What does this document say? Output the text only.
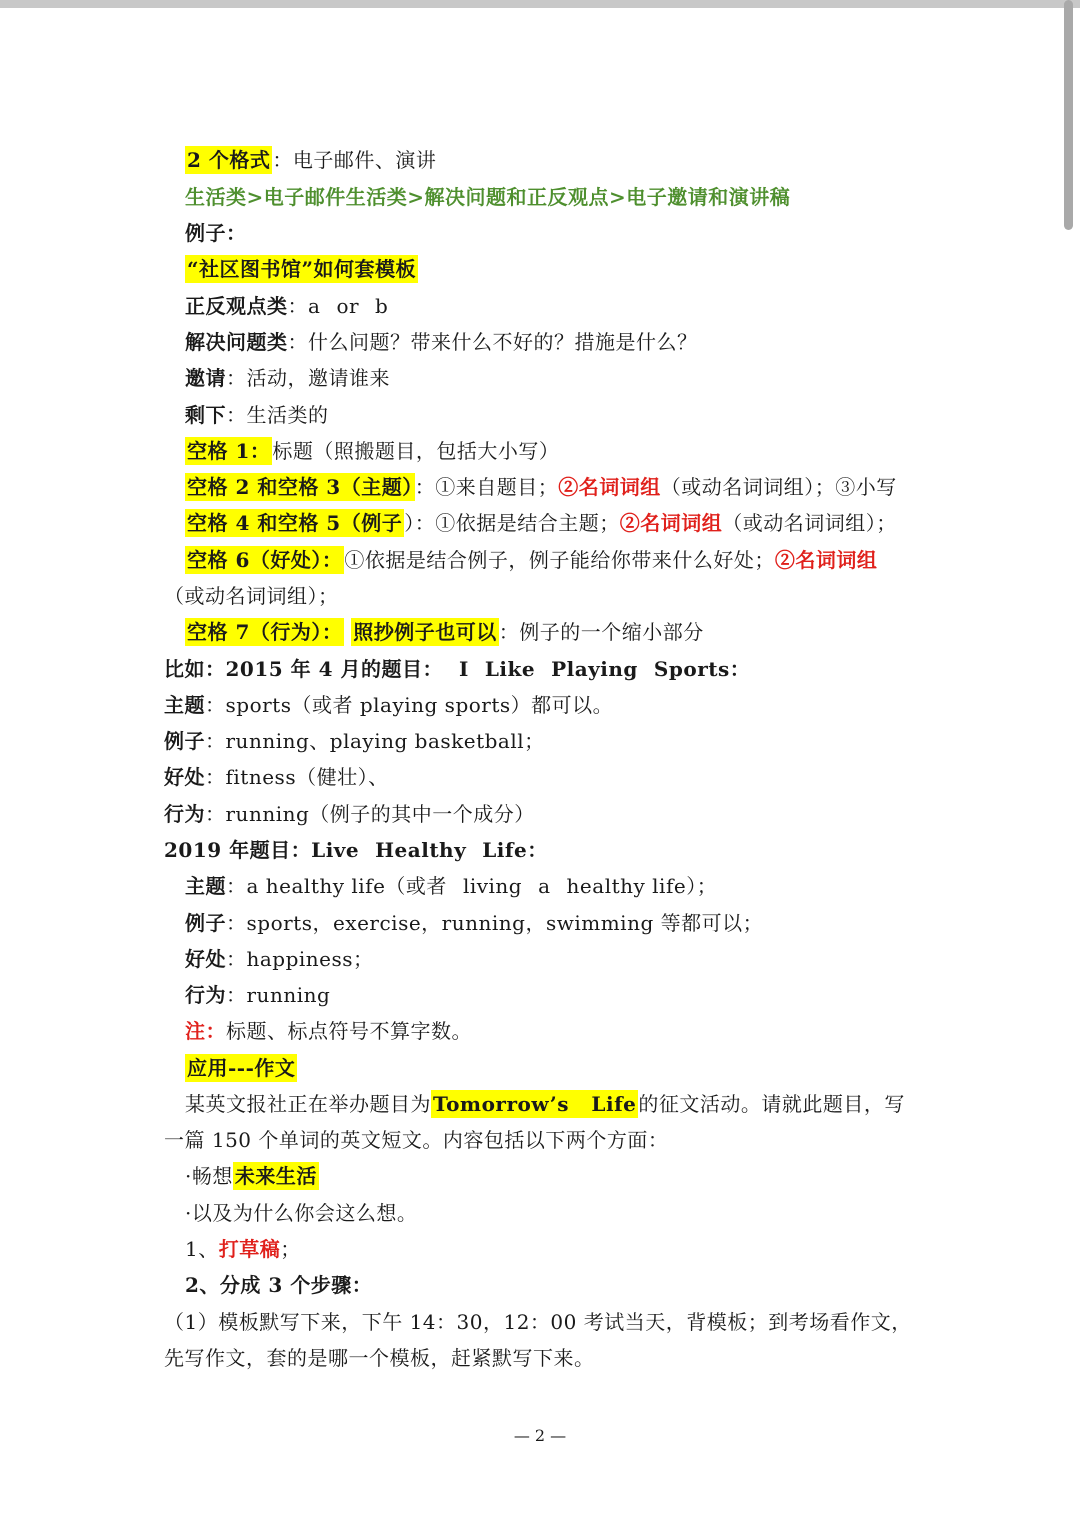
2 个格式 ：电子邮件、演讲
生活类>电子邮件生活类>解决问题和正反观点>电子邀请和演讲稿
例子：
“社区图书馆”如何套模板
正反观点类：a or b
解决问题类：什么问题？带来什么不好的？措施是什么？
邀请：活动，邀请谁来
剩下：生活类的
空格 1： 标题（照搬题目，包括大小写）
空格 2 和空格 3（主题） ：①来自题目；②名词词组（或动名词词组）；③小写
空格 4 和空格 5（例子 ）：①依据是结合主题；②名词词组（或动名词词组）；
空格 6（好处）： ①依据是结合例子，例子能给你带来什么好处；②名词词组
（或动名词词组）；
空格 7（行为）： 照抄例子也可以 ：例子的一个缩小部分
比如：2015 年 4 月的题目： I Like Playing Sports：
主题：sports（或者 playing sports）都可以。
例子：running、playing basketball；
好处：fitness（健壮）、
行为：running（例子的其中一个成分）
2019 年题目：Live Healthy Life：
主题：a healthy life（或者 living a healthy life）；
例子：sports，exercise，running，swimming 等都可以；
好处：happiness；
行为：running
注：标题、标点符号不算字数。
应用---作文
某英文报社正在举办题目为 Tomorrow’s   Life 的征文活动。请就此题目，写
一篇 150 个单词的英文短文。内容包括以下两个方面：
·畅想 未来生活
·以及为什么你会这么想。
1、打草稿；
2、分成 3 个步骤：
（1）模板默写下来，下午 14：30，12：00 考试当天，背模板；到考场看作文，
先写作文，套的是哪一个模板，赶紧默写下来。
— 2 —
